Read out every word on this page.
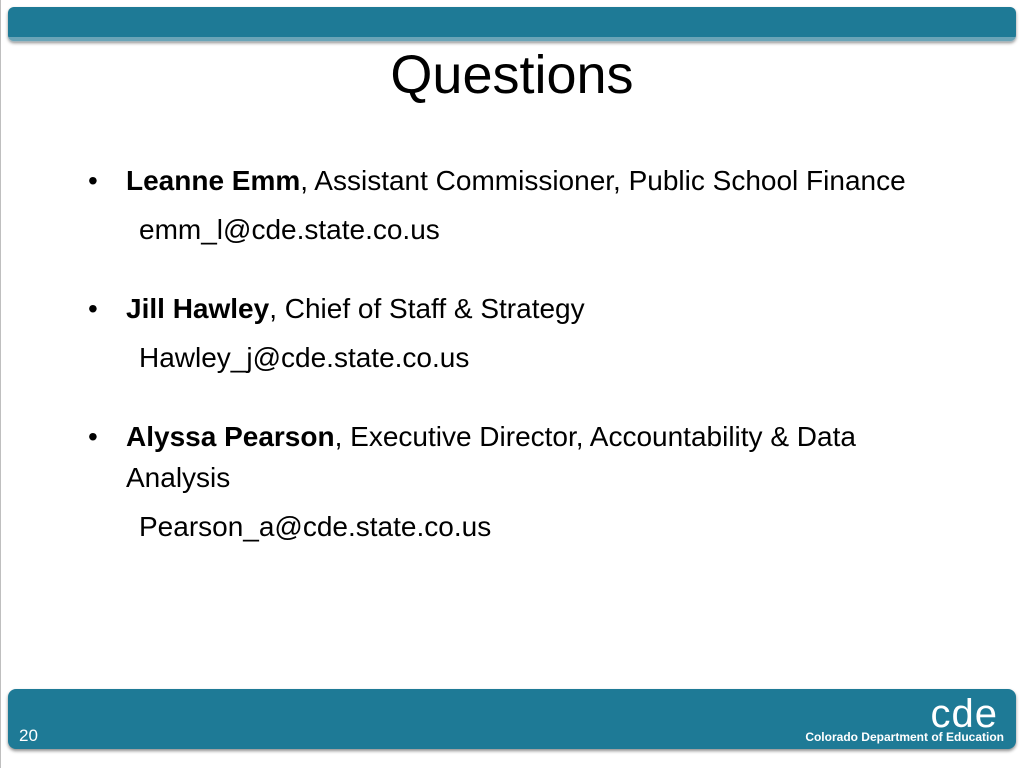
Questions
• Leanne Emm, Assistant Commissioner, Public School Finance
emm_l@cde.state.co.us
• Jill Hawley, Chief of Staff & Strategy
Hawley_j@cde.state.co.us
• Alyssa Pearson, Executive Director, Accountability & Data Analysis
Pearson_a@cde.state.co.us
20	cde
Colorado Department of Education
